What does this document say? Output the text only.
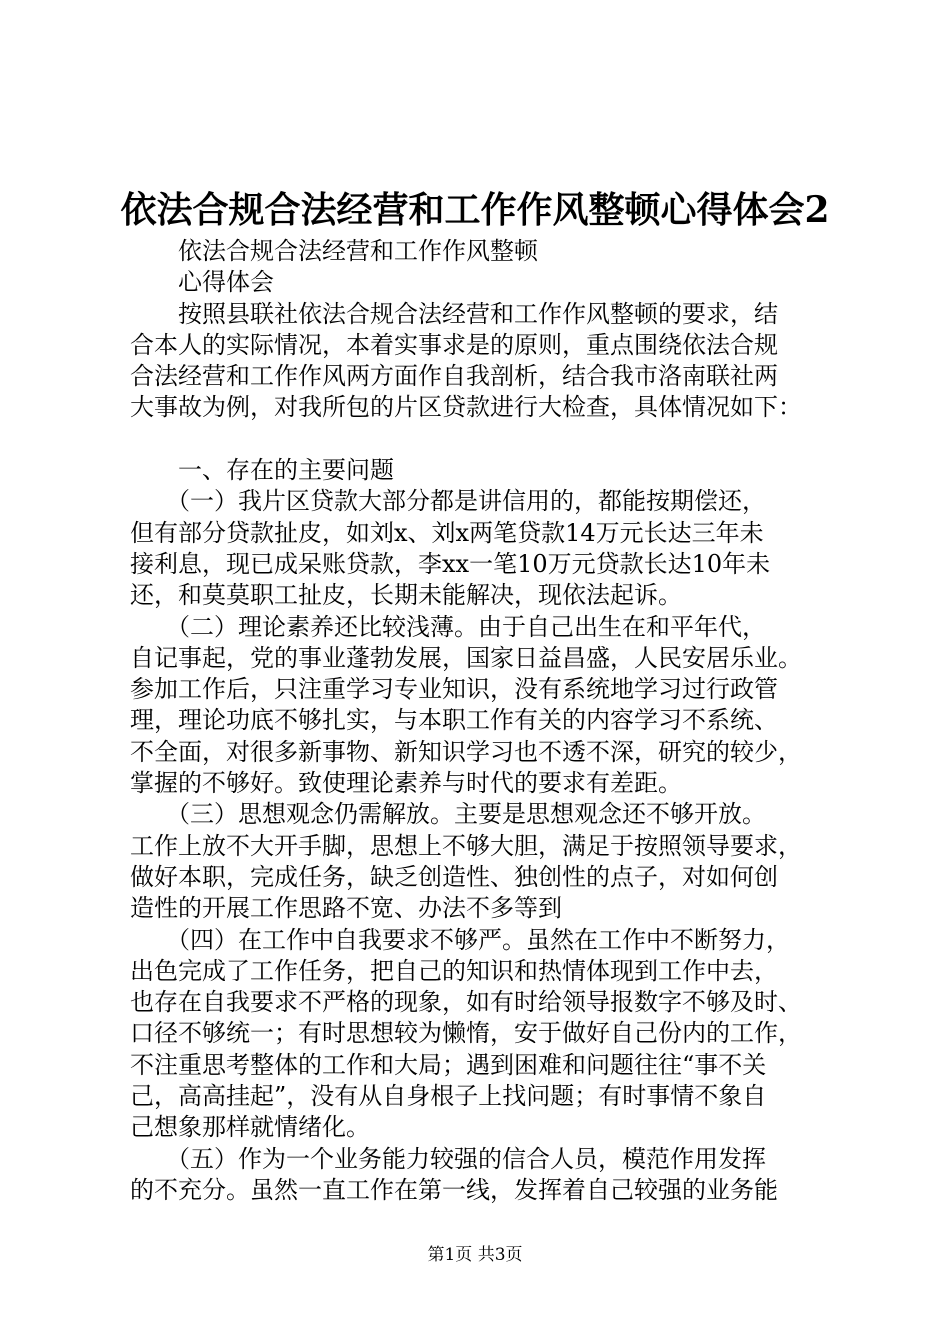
依法合规合法经营和工作作风整顿心得体会2
　　依法合规合法经营和工作作风整顿
　　心得体会
　　按照县联社依法合规合法经营和工作作风整顿的要求，结
合本人的实际情况，本着实事求是的原则，重点围绕依法合规
合法经营和工作作风两方面作自我剖析，结合我市洛南联社两
大事故为例，对我所包的片区贷款进行大检查，具体情况如下：
　　一、存在的主要问题
　　（一）我片区贷款大部分都是讲信用的，都能按期偿还，
但有部分贷款扯皮，如刘x、刘x两笔贷款14万元长达三年未
接利息，现已成呆账贷款，李xx一笔10万元贷款长达10年未
还，和莫莫职工扯皮，长期未能解决，现依法起诉。
　　（二）理论素养还比较浅薄。由于自己出生在和平年代，
自记事起，党的事业蓬勃发展，国家日益昌盛，人民安居乐业。
参加工作后，只注重学习专业知识，没有系统地学习过行政管
理，理论功底不够扎实，与本职工作有关的内容学习不系统、
不全面，对很多新事物、新知识学习也不透不深，研究的较少，
掌握的不够好。致使理论素养与时代的要求有差距。
　　（三）思想观念仍需解放。主要是思想观念还不够开放。
工作上放不大开手脚，思想上不够大胆，满足于按照领导要求，
做好本职，完成任务，缺乏创造性、独创性的点子，对如何创
造性的开展工作思路不宽、办法不多等到
　　（四）在工作中自我要求不够严。虽然在工作中不断努力，
出色完成了工作任务，把自己的知识和热情体现到工作中去，
也存在自我要求不严格的现象，如有时给领导报数字不够及时、
口径不够统一；有时思想较为懒惰，安于做好自己份内的工作，
不注重思考整体的工作和大局；遇到困难和问题往往“事不关
己，高高挂起”，没有从自身根子上找问题；有时事情不象自
己想象那样就情绪化。
　　（五）作为一个业务能力较强的信合人员，模范作用发挥
的不充分。虽然一直工作在第一线，发挥着自己较强的业务能
第1页 共3页
